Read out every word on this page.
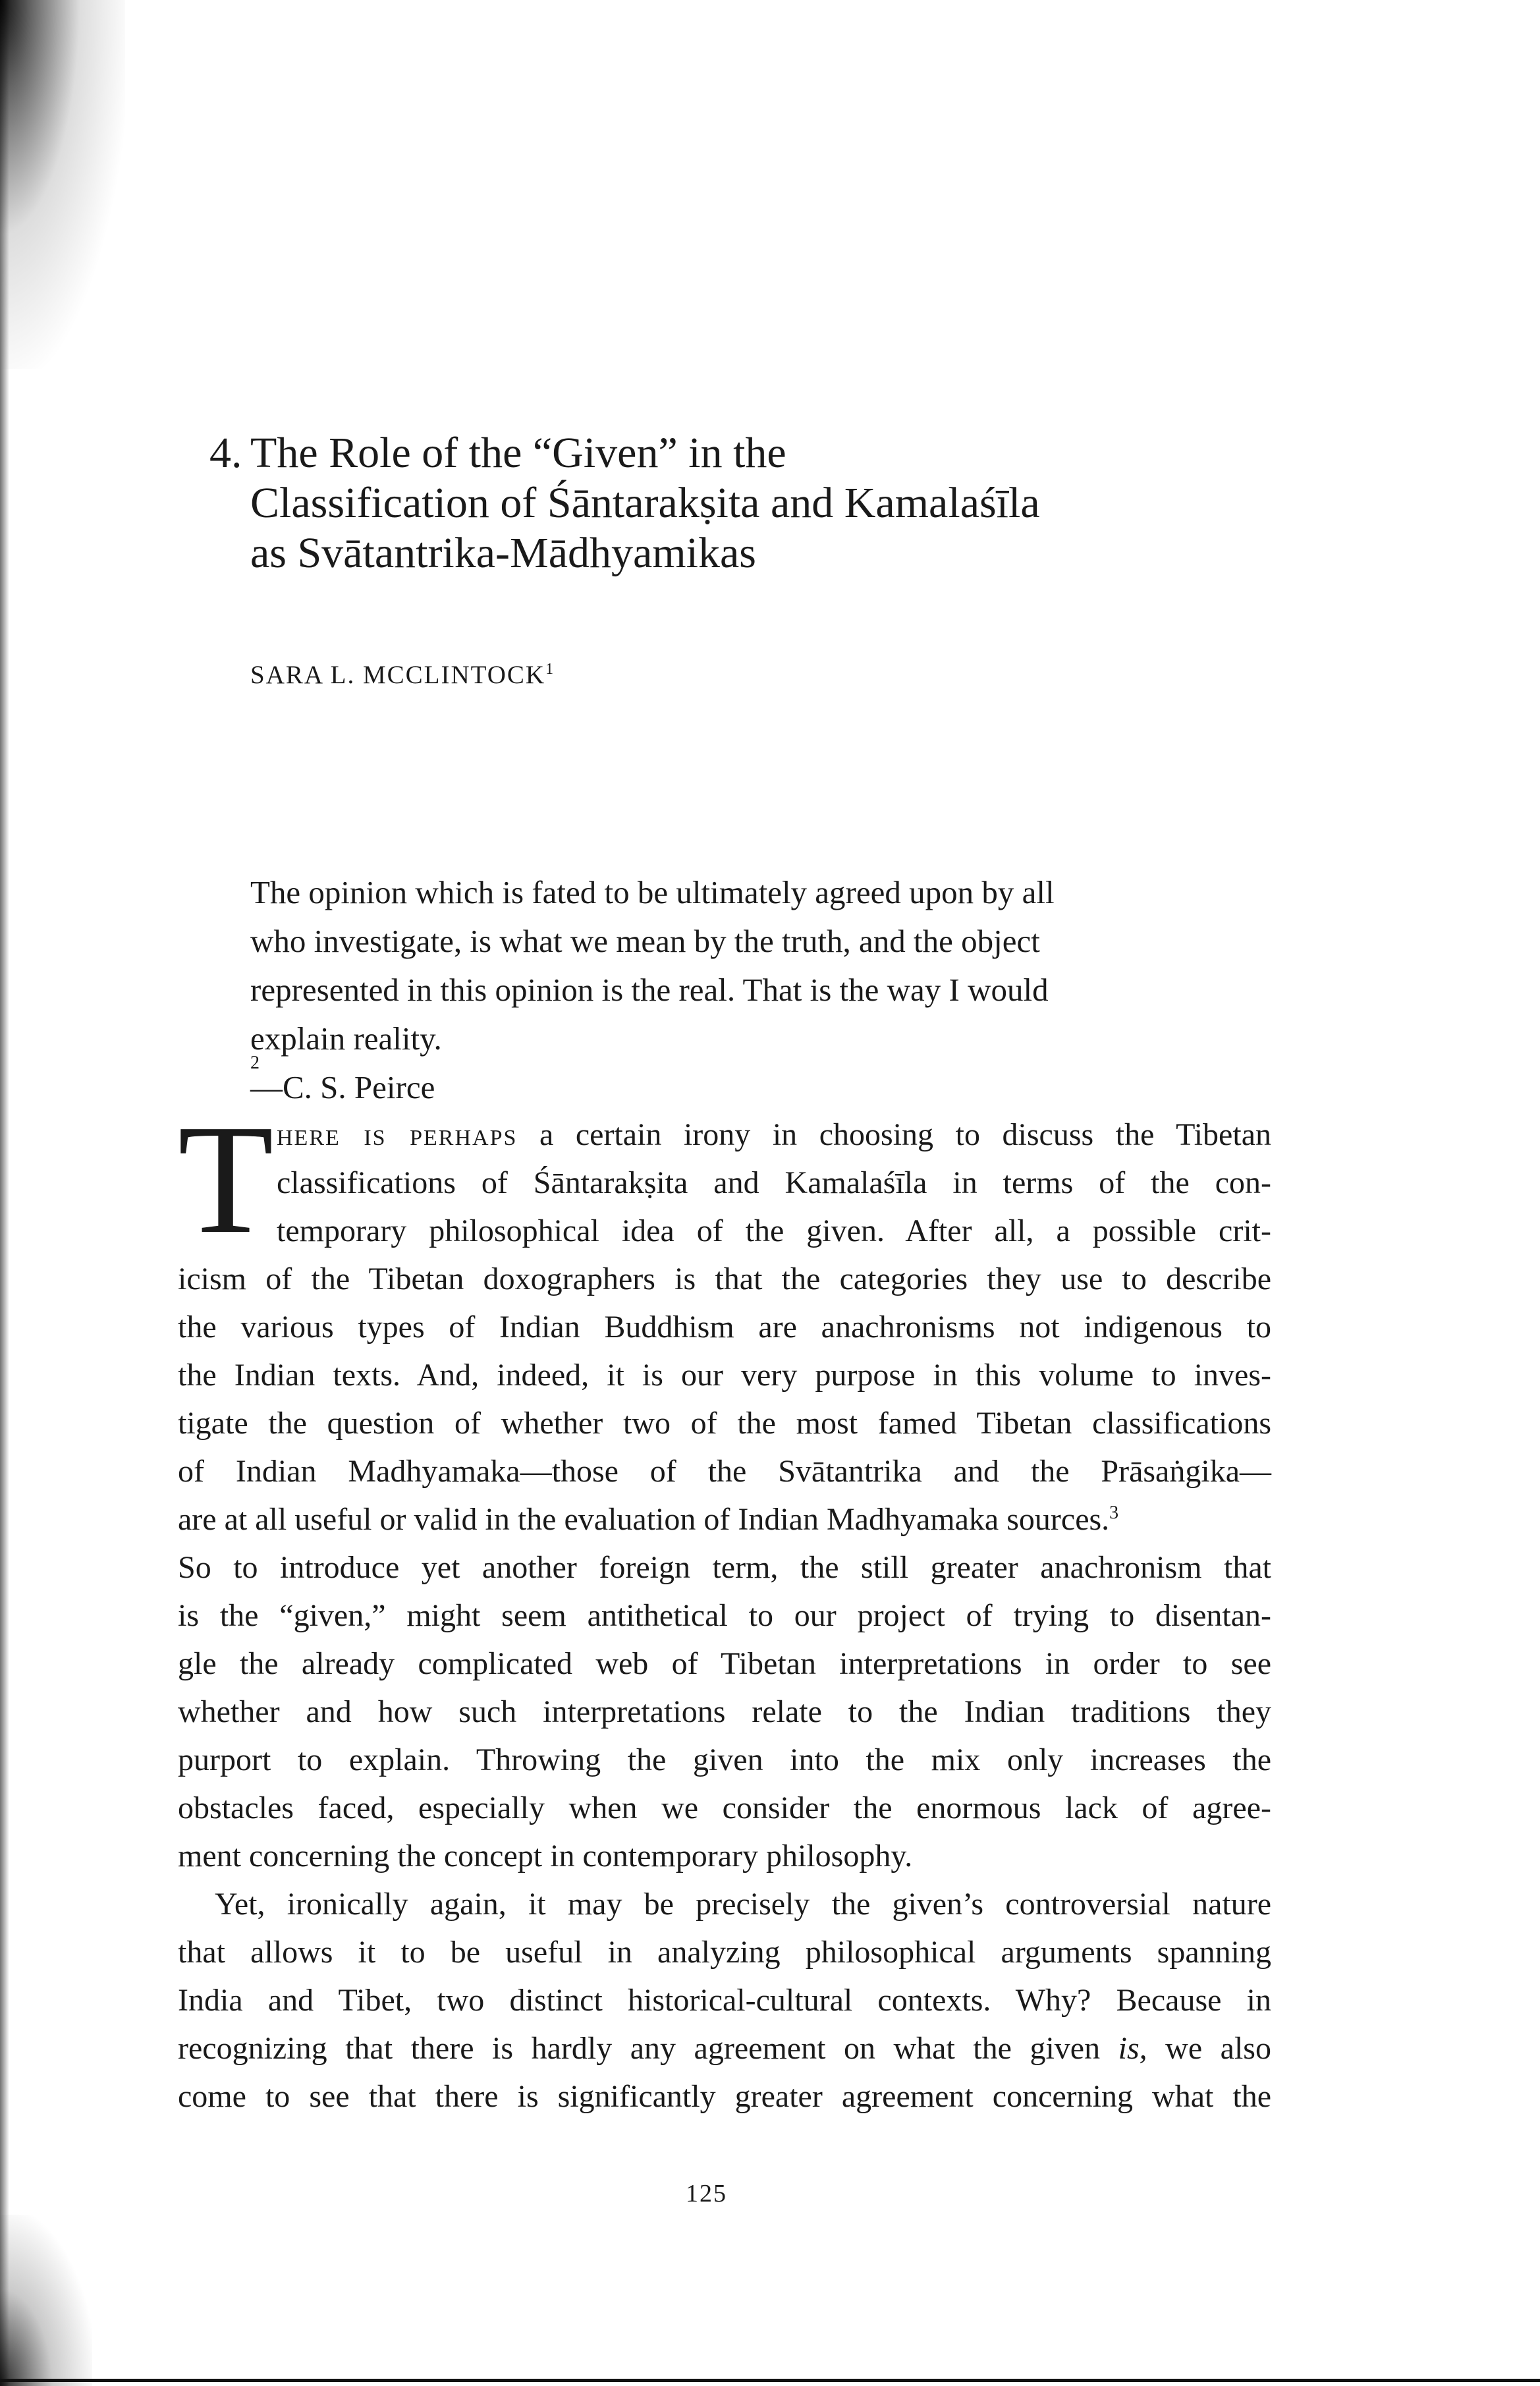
4. The Role of the “Given” in the
Classification of Śāntarakṣita and Kamalaśīla
as Svātantrika-Mādhyamikas
SARA L. MCCLINTOCK$^1$
The opinion which is fated to be ultimately agreed upon by all
who investigate, is what we mean by the truth, and the object
represented in this opinion is the real. That is the way I would
explain reality.
2
—C. S. Peirce
T here is perhaps a certain irony in choosing to discuss the Tibetan
classifications of Śāntarakṣita and Kamalaśīla in terms of the con-
temporary philosophical idea of the given. After all, a possible crit-
icism of the Tibetan doxographers is that the categories they use to describe
the various types of Indian Buddhism are anachronisms not indigenous to
the Indian texts. And, indeed, it is our very purpose in this volume to inves-
tigate the question of whether two of the most famed Tibetan classifications
of Indian Madhyamaka—those of the Svātantrika and the Prāsaṅgika—
are at all useful or valid in the evaluation of Indian Madhyamaka sources.$^3$
So to introduce yet another foreign term, the still greater anachronism that
is the “given,” might seem antithetical to our project of trying to disentan-
gle the already complicated web of Tibetan interpretations in order to see
whether and how such interpretations relate to the Indian traditions they
purport to explain. Throwing the given into the mix only increases the
obstacles faced, especially when we consider the enormous lack of agree-
ment concerning the concept in contemporary philosophy.
Yet, ironically again, it may be precisely the given’s controversial nature
that allows it to be useful in analyzing philosophical arguments spanning
India and Tibet, two distinct historical-cultural contexts. Why? Because in
recognizing that there is hardly any agreement on what the given is, we also
come to see that there is significantly greater agreement concerning what the
125
